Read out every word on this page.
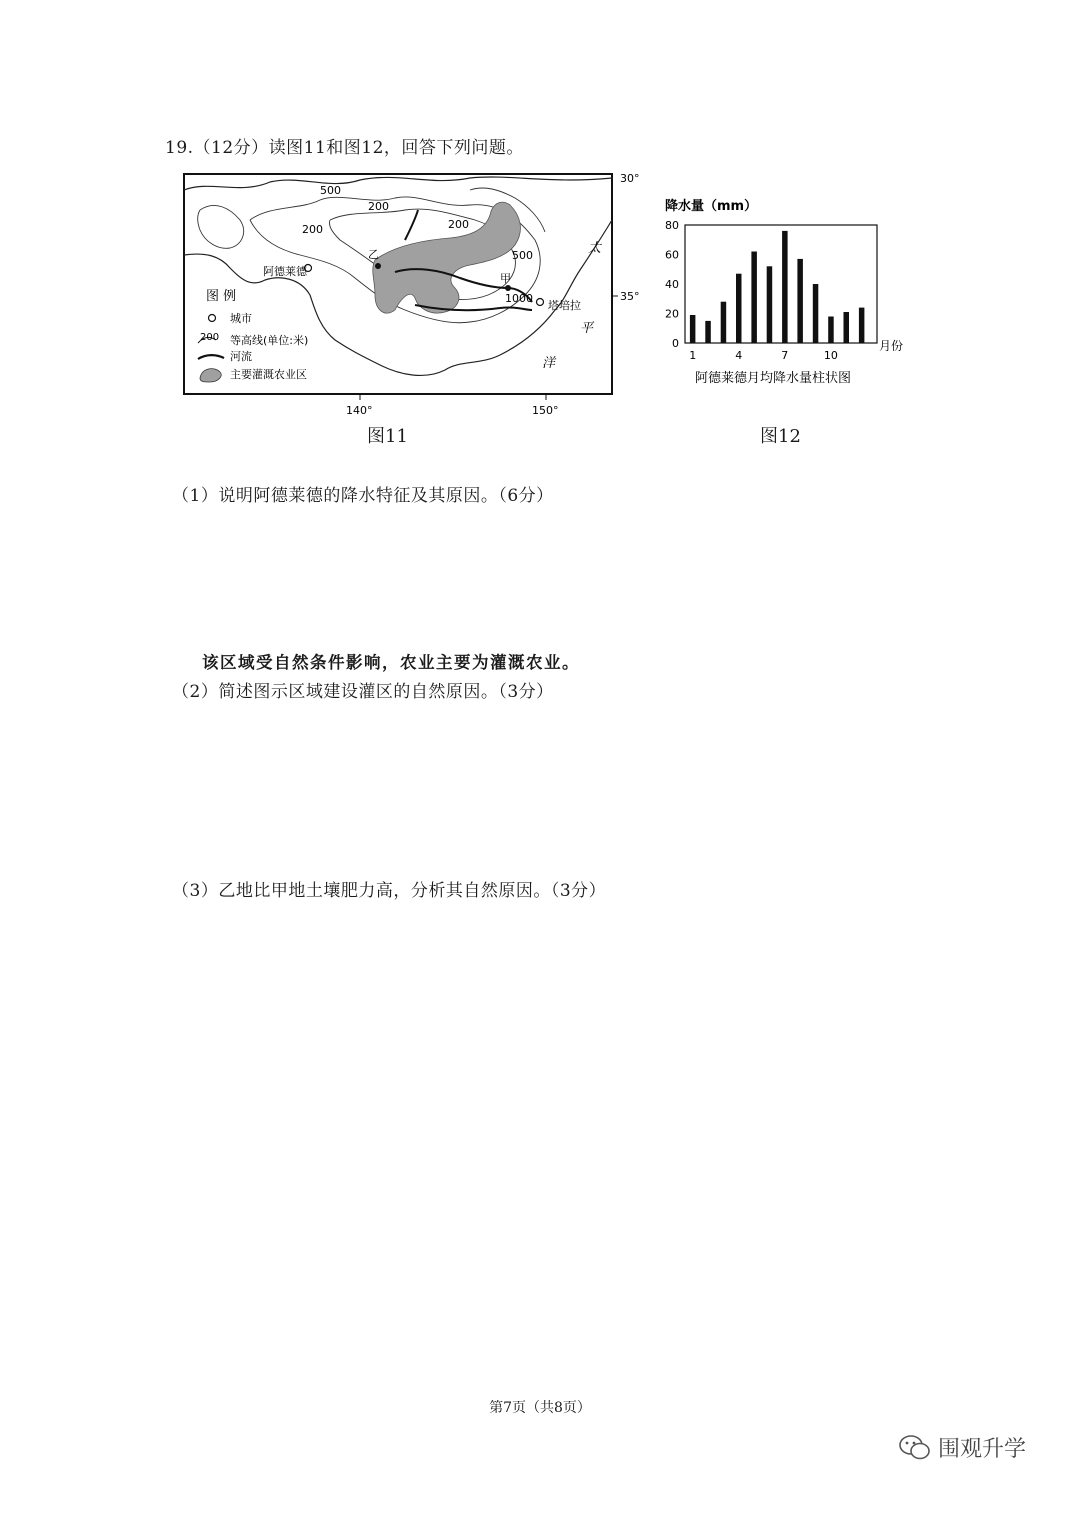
19.（12分）读图11和图12，回答下列问题。
500
200
200	200
500
1000
阿德莱德
甲
乙
塔培拉
太
平
洋
30°
35°
140°	150°
图 例
城市
200 等高线(单位:米)
河流
主要灌溉农业区
图11
降水量（mm）
0
20
40
60
80
1	4	7	10
月份
阿德莱德月均降水量柱状图
图12
（1）说明阿德莱德的降水特征及其原因。（6分）
该区域受自然条件影响，农业主要为灌溉农业。
（2）简述图示区域建设灌区的自然原因。（3分）
（3）乙地比甲地土壤肥力高，分析其自然原因。（3分）
第7页（共8页）
围观升学
